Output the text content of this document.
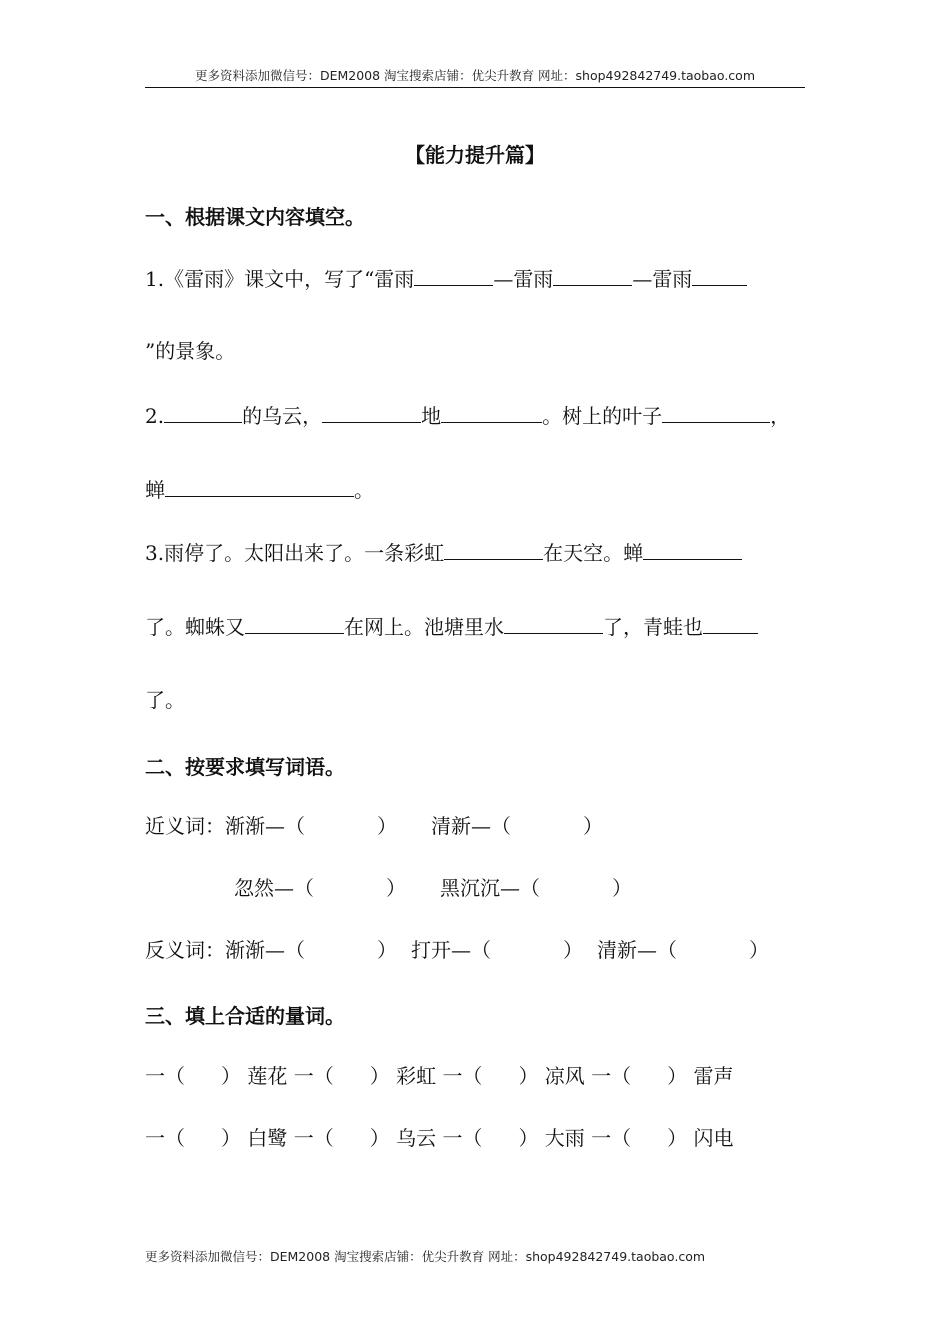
更多资料添加微信号：DEM2008 淘宝搜索店铺：优尖升教育 网址：shop492842749.taobao.com
【能力提升篇】
一、根据课文内容填空。
1.《雷雨》课文中，写了“雷雨	—雷雨	—雷雨
”的景象。
2.	的乌云，	地	。树上的叶子	，
蝉	。
3.雨停了。太阳出来了。一条彩虹	在天空。蝉
了。蜘蛛又	在网上。池塘里水	了，青蛙也
了。
二、按要求填写词语。
近义词：渐渐—（	） 清新—（	）
忽然—（	） 黑沉沉—（	）
反义词：渐渐—（	） 打开—（	） 清新—（	）
三、填上合适的量词。
一（ ） 莲花 一（ ） 彩虹 一（ ） 凉风 一（ ） 雷声
一（ ） 白鹭 一（ ） 乌云 一（ ） 大雨 一（ ） 闪电
更多资料添加微信号：DEM2008 淘宝搜索店铺：优尖升教育 网址：shop492842749.taobao.com
